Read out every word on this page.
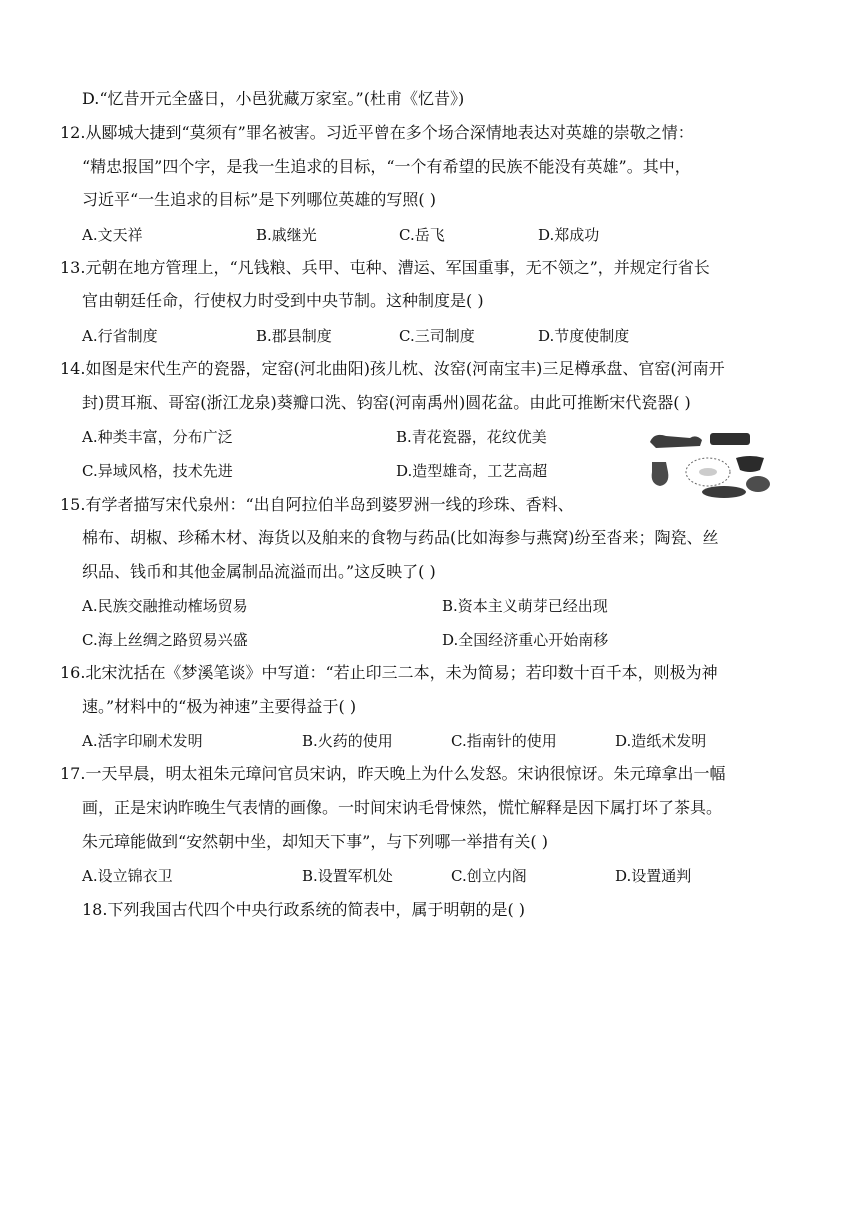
D.“忆昔开元全盛日，小邑犹藏万家室。”(杜甫《忆昔》)
12.从郾城大捷到“莫须有”罪名被害。习近平曾在多个场合深情地表达对英雄的崇敬之情：
“精忠报国”四个字，是我一生追求的目标，“一个有希望的民族不能没有英雄”。其中，
习近平“一生追求的目标”是下列哪位英雄的写照( )
A.文天祥	B.戚继光	C.岳飞	D.郑成功
13.元朝在地方管理上，“凡钱粮、兵甲、屯种、漕运、军国重事，无不领之”，并规定行省长
官由朝廷任命，行使权力时受到中央节制。这种制度是( )
A.行省制度	B.郡县制度	C.三司制度	D.节度使制度
14.如图是宋代生产的瓷器，定窑(河北曲阳)孩儿枕、汝窑(河南宝丰)三足樽承盘、官窑(河南开
封)贯耳瓶、哥窑(浙江龙泉)葵瓣口洗、钧窑(河南禹州)圆花盆。由此可推断宋代瓷器( )
A.种类丰富，分布广泛	B.青花瓷器，花纹优美
C.异域风格，技术先进	D.造型雄奇，工艺高超
15.有学者描写宋代泉州：“出自阿拉伯半岛到婆罗洲一线的珍珠、香料、
棉布、胡椒、珍稀木材、海货以及舶来的食物与药品(比如海参与燕窝)纷至沓来；陶瓷、丝
织品、钱币和其他金属制品流溢而出。”这反映了( )
A.民族交融推动榷场贸易	B.资本主义萌芽已经出现
C.海上丝绸之路贸易兴盛	D.全国经济重心开始南移
16.北宋沈括在《梦溪笔谈》中写道：“若止印三二本，未为简易；若印数十百千本，则极为神
速。”材料中的“极为神速”主要得益于( )
A.活字印刷术发明	B.火药的使用	C.指南针的使用	D.造纸术发明
17.一天早晨，明太祖朱元璋问官员宋讷，昨天晚上为什么发怒。宋讷很惊讶。朱元璋拿出一幅
画，正是宋讷昨晚生气表情的画像。一时间宋讷毛骨悚然，慌忙解释是因下属打坏了茶具。
朱元璋能做到“安然朝中坐，却知天下事”，与下列哪一举措有关( )
A.设立锦衣卫	B.设置军机处	C.创立内阁	D.设置通判
18.下列我国古代四个中央行政系统的简表中，属于明朝的是( )
